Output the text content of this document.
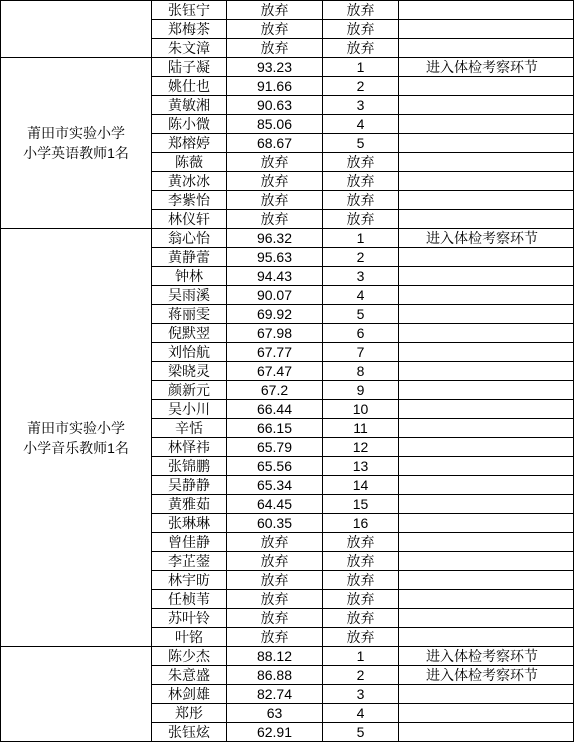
	张钰宁	放弃	放弃	
	郑梅茶	放弃	放弃	
	朱文漳	放弃	放弃	

莆田市实验小学
小学英语教师1名	陆子凝	93.23	1	进入体检考察环节
	姚仕也	91.66	2	
	黄敏湘	90.63	3	
	陈小微	85.06	4	
	郑榕婷	68.67	5	
	陈薇	放弃	放弃	
	黄冰冰	放弃	放弃	
	李紫怡	放弃	放弃	
	林仪轩	放弃	放弃	

莆田市实验小学
小学音乐教师1名	翁心怡	96.32	1	进入体检考察环节
	黄静蕾	95.63	2	
	钟林	94.43	3	
	吴雨溪	90.07	4	
	蒋丽雯	69.92	5	
	倪默翌	67.98	6	
	刘怡航	67.77	7	
	梁晓灵	67.47	8	
	颜新元	67.2	9	
	吴小川	66.44	10	
	辛恬	66.15	11	
	林怿祎	65.79	12	
	张锦鹏	65.56	13	
	吴静静	65.34	14	
	黄雅茹	64.45	15	
	张琳琳	60.35	16	
	曾佳静	放弃	放弃	
	李芷蓥	放弃	放弃	
	林宇昉	放弃	放弃	
	任桢苇	放弃	放弃	
	苏叶铃	放弃	放弃	
	叶铭	放弃	放弃	
	陈少杰	88.12	1	进入体检考察环节
	朱意盛	86.88	2	进入体检考察环节
	林剑雄	82.74	3	
	郑彤	63	4	
	张钰炫	62.91	5	
